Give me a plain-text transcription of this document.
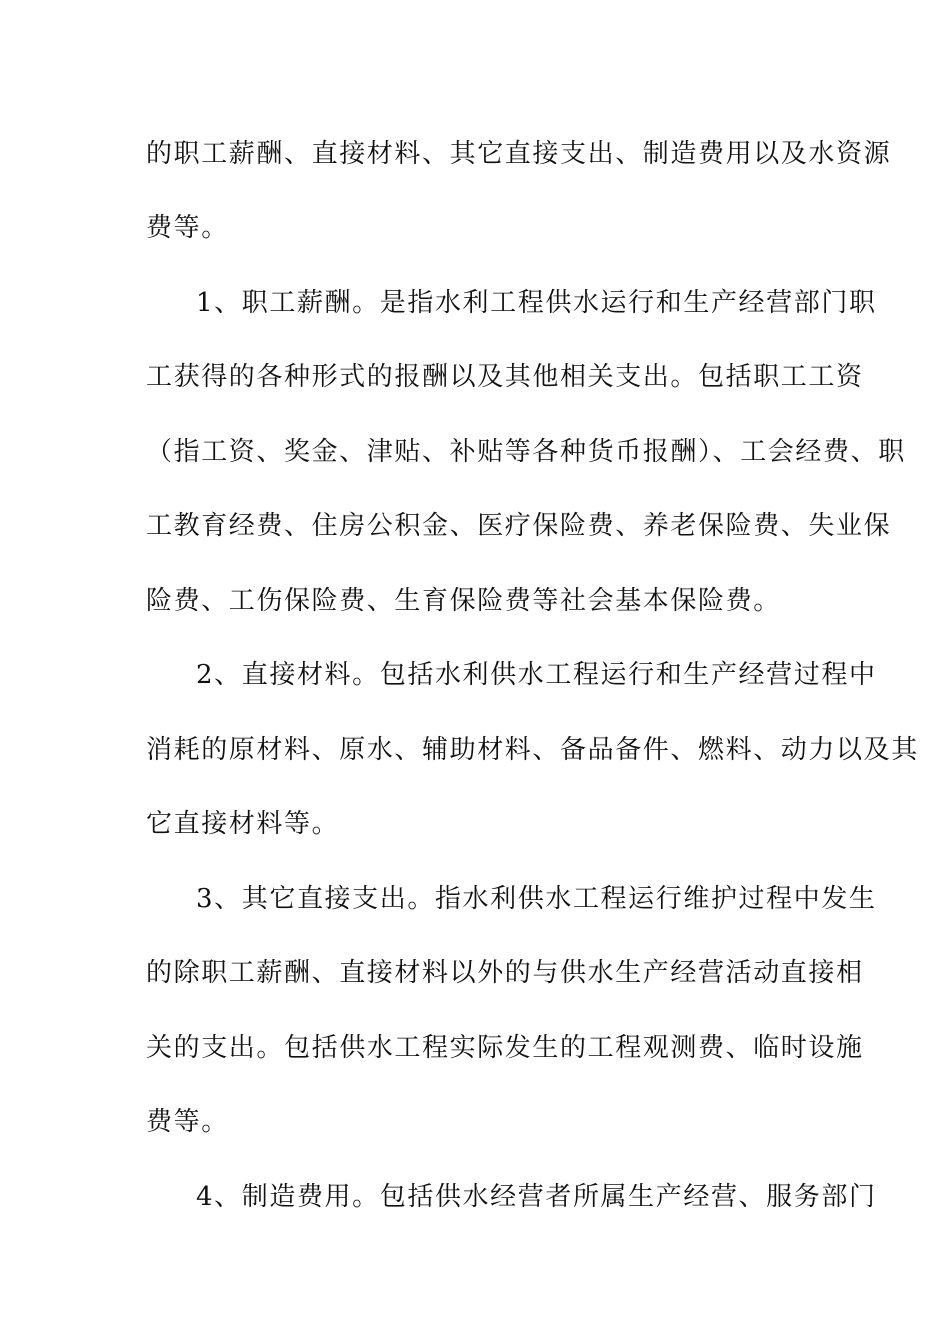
的职工薪酬、直接材料、其它直接支出、制造费用以及水资源
费等。
1、职工薪酬。是指水利工程供水运行和生产经营部门职
工获得的各种形式的报酬以及其他相关支出。包括职工工资
（指工资、奖金、津贴、补贴等各种货币报酬）、工会经费、职
工教育经费、住房公积金、医疗保险费、养老保险费、失业保
险费、工伤保险费、生育保险费等社会基本保险费。
2、直接材料。包括水利供水工程运行和生产经营过程中
消耗的原材料、原水、辅助材料、备品备件、燃料、动力以及其
它直接材料等。
3、其它直接支出。指水利供水工程运行维护过程中发生
的除职工薪酬、直接材料以外的与供水生产经营活动直接相
关的支出。包括供水工程实际发生的工程观测费、临时设施
费等。
4、制造费用。包括供水经营者所属生产经营、服务部门
